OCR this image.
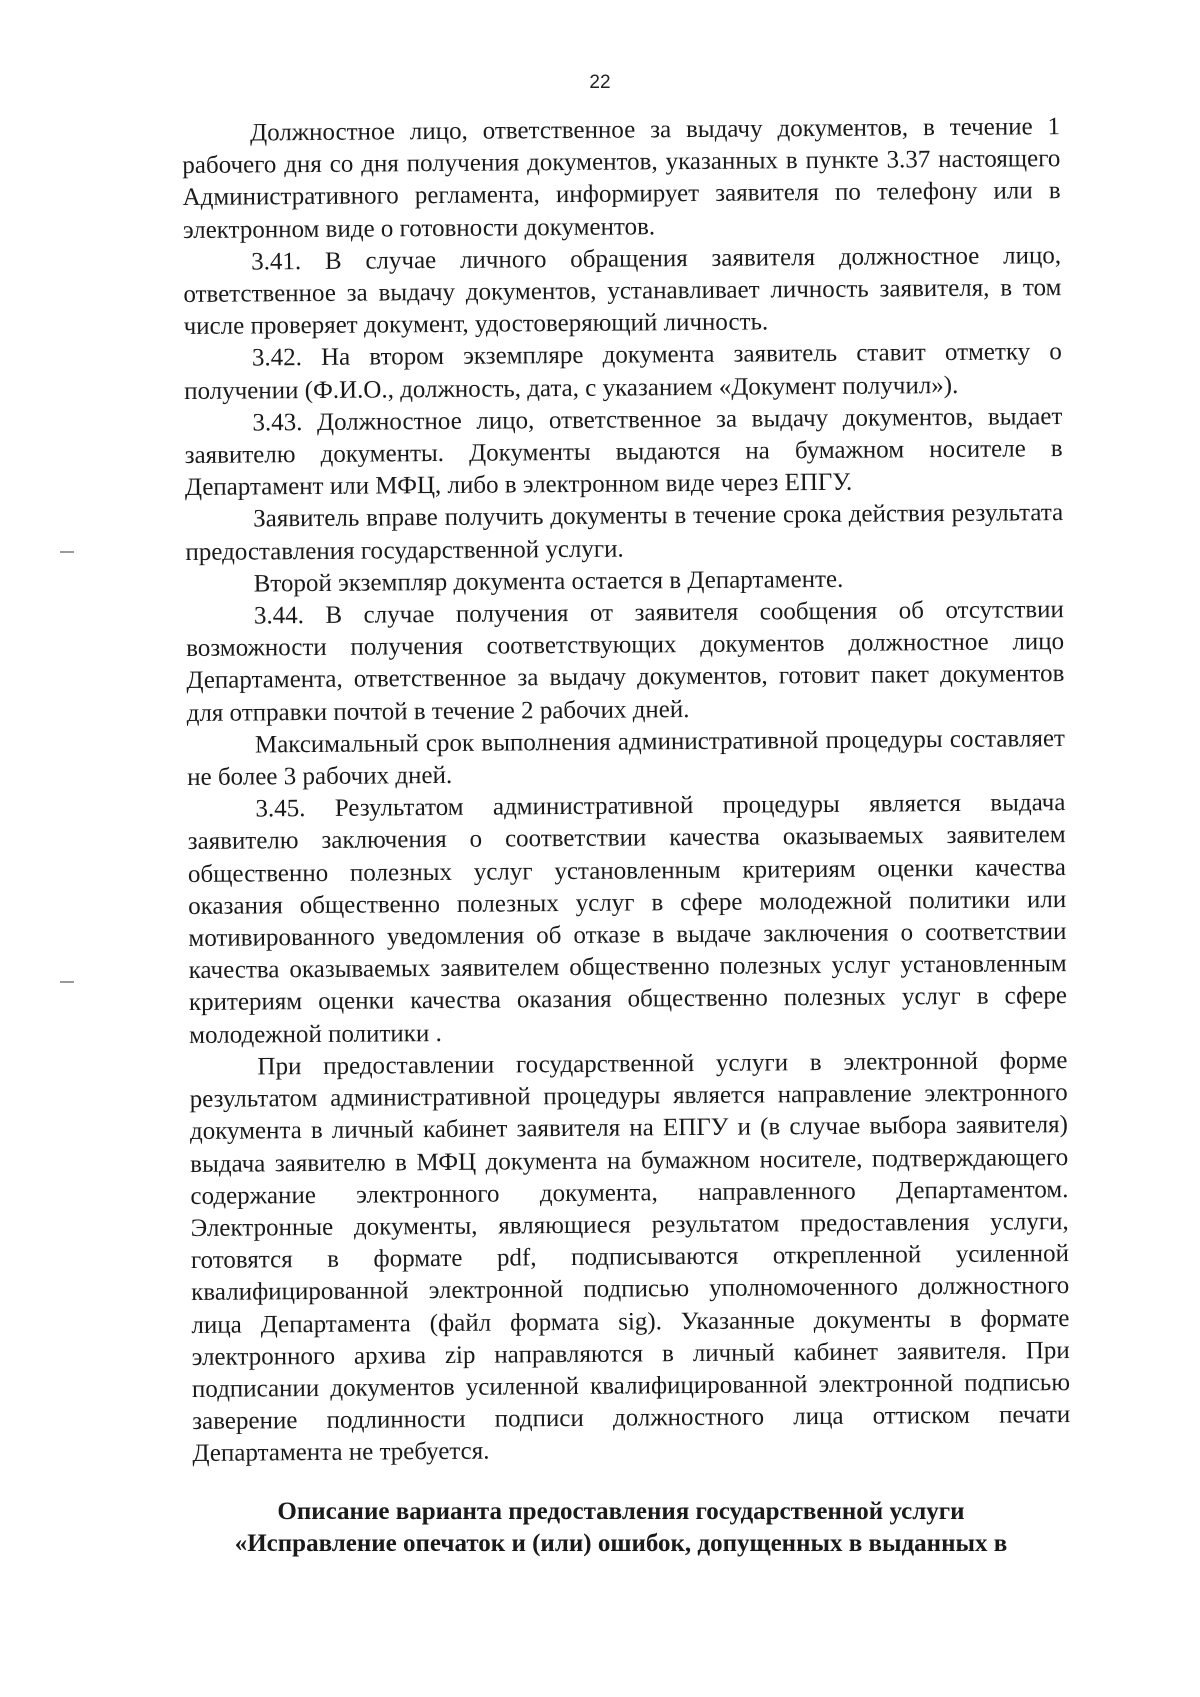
22

Должностное лицо, ответственное за выдачу документов, в течение 1 рабочего дня со дня получения документов, указанных в пункте 3.37 настоящего Административного регламента, информирует заявителя по телефону или в электронном виде о готовности документов.

3.41. В случае личного обращения заявителя должностное лицо, ответственное за выдачу документов, устанавливает личность заявителя, в том числе проверяет документ, удостоверяющий личность.

3.42. На втором экземпляре документа заявитель ставит отметку о получении (Ф.И.О., должность, дата, с указанием «Документ получил»).

3.43. Должностное лицо, ответственное за выдачу документов, выдает заявителю документы. Документы выдаются на бумажном носителе в Департамент или МФЦ, либо в электронном виде через ЕПГУ.

Заявитель вправе получить документы в течение срока действия результата предоставления государственной услуги.

Второй экземпляр документа остается в Департаменте.

3.44. В случае получения от заявителя сообщения об отсутствии возможности получения соответствующих документов должностное лицо Департамента, ответственное за выдачу документов, готовит пакет документов для отправки почтой в течение 2 рабочих дней.

Максимальный срок выполнения административной процедуры составляет не более 3 рабочих дней.

3.45. Результатом административной процедуры является выдача заявителю заключения о соответствии качества оказываемых заявителем общественно полезных услуг установленным критериям оценки качества оказания общественно полезных услуг в сфере молодежной политики или мотивированного уведомления об отказе в выдаче заключения о соответствии качества оказываемых заявителем общественно полезных услуг установленным критериям оценки качества оказания общественно полезных услуг в сфере молодежной политики .

При предоставлении государственной услуги в электронной форме результатом административной процедуры является направление электронного документа в личный кабинет заявителя на ЕПГУ и (в случае выбора заявителя) выдача заявителю в МФЦ документа на бумажном носителе, подтверждающего содержание электронного документа, направленного Департаментом. Электронные документы, являющиеся результатом предоставления услуги, готовятся в формате pdf, подписываются открепленной усиленной квалифицированной электронной подписью уполномоченного должностного лица Департамента (файл формата sig). Указанные документы в формате электронного архива zip направляются в личный кабинет заявителя. При подписании документов усиленной квалифицированной электронной подписью заверение подлинности подписи должностного лица оттиском печати Департамента не требуется.

Описание варианта предоставления государственной услуги
«Исправление опечаток и (или) ошибок, допущенных в выданных в
